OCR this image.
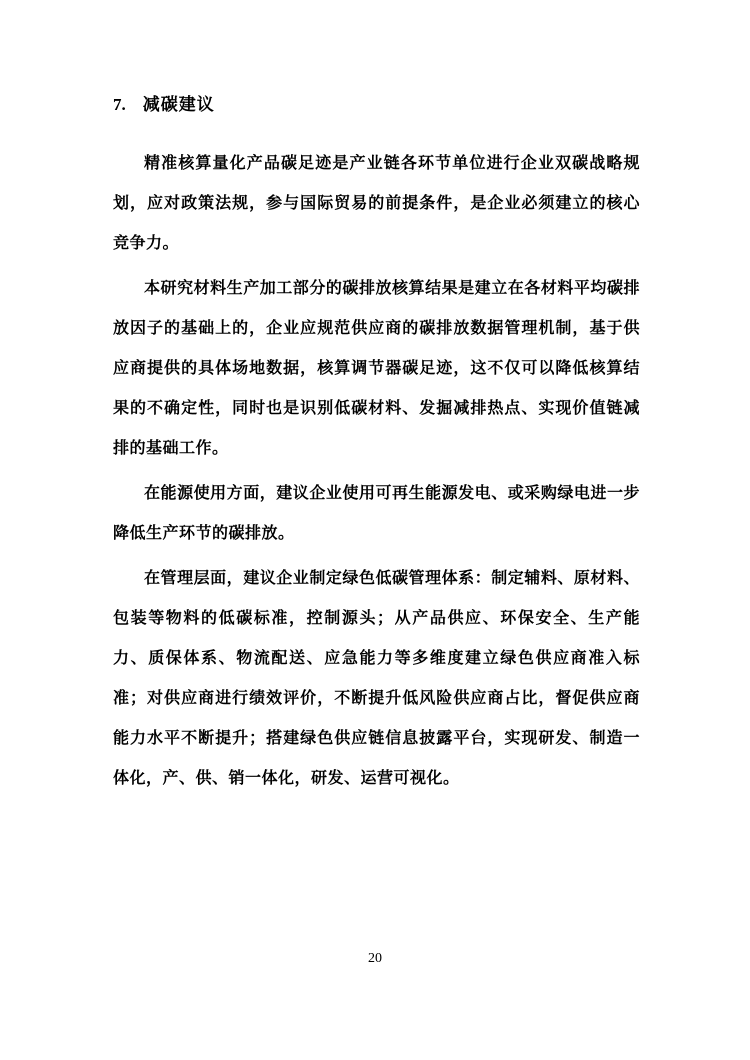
7. 减碳建议

精准核算量化产品碳足迹是产业链各环节单位进行企业双碳战略规划，应对政策法规，参与国际贸易的前提条件，是企业必须建立的核心竞争力。

本研究材料生产加工部分的碳排放核算结果是建立在各材料平均碳排放因子的基础上的，企业应规范供应商的碳排放数据管理机制，基于供应商提供的具体场地数据，核算调节器碳足迹，这不仅可以降低核算结果的不确定性，同时也是识别低碳材料、发掘减排热点、实现价值链减排的基础工作。

在能源使用方面，建议企业使用可再生能源发电、或采购绿电进一步降低生产环节的碳排放。

在管理层面，建议企业制定绿色低碳管理体系：制定辅料、原材料、包装等物料的低碳标准，控制源头；从产品供应、环保安全、生产能力、质保体系、物流配送、应急能力等多维度建立绿色供应商准入标准；对供应商进行绩效评价，不断提升低风险供应商占比，督促供应商能力水平不断提升；搭建绿色供应链信息披露平台，实现研发、制造一体化，产、供、销一体化，研发、运营可视化。

20
